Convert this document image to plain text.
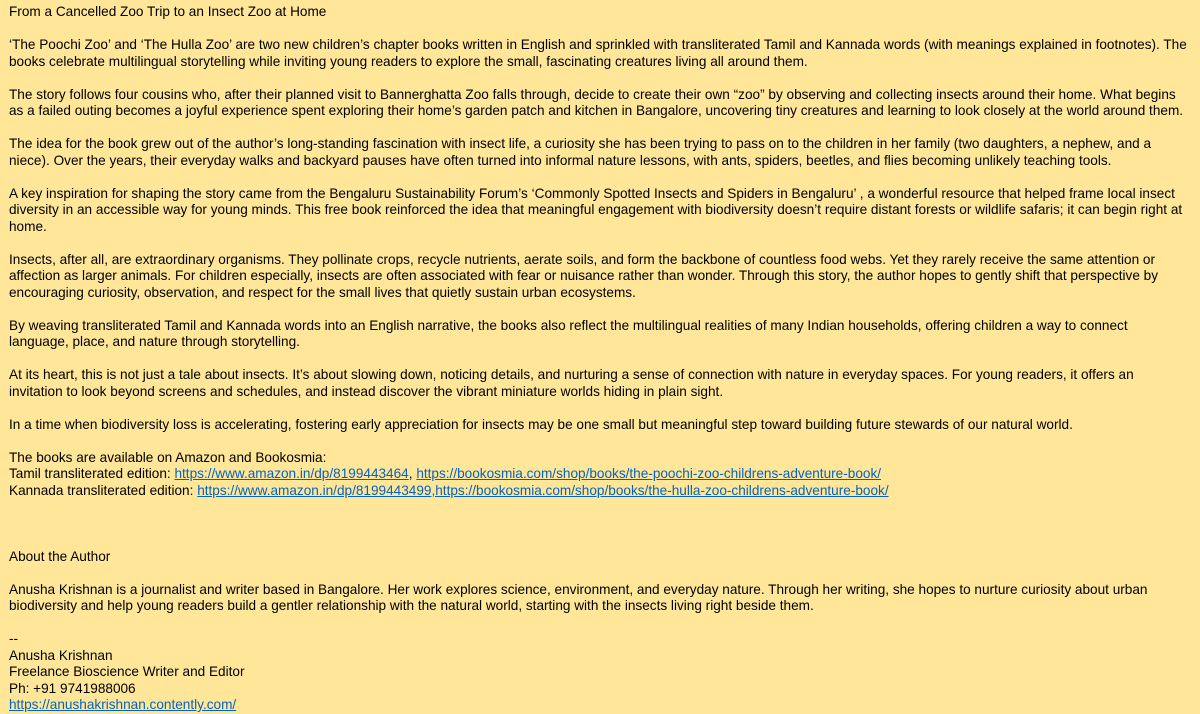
From a Cancelled Zoo Trip to an Insect Zoo at Home

‘The Poochi Zoo’ and ‘The Hulla Zoo’ are two new children’s chapter books written in English and sprinkled with transliterated Tamil and Kannada words (with meanings explained in footnotes). The books celebrate multilingual storytelling while inviting young readers to explore the small, fascinating creatures living all around them.

The story follows four cousins who, after their planned visit to Bannerghatta Zoo falls through, decide to create their own “zoo” by observing and collecting insects around their home. What begins as a failed outing becomes a joyful experience spent exploring their home’s garden patch and kitchen in Bangalore, uncovering tiny creatures and learning to look closely at the world around them.

The idea for the book grew out of the author’s long-standing fascination with insect life, a curiosity she has been trying to pass on to the children in her family (two daughters, a nephew, and a niece). Over the years, their everyday walks and backyard pauses have often turned into informal nature lessons, with ants, spiders, beetles, and flies becoming unlikely teaching tools.

A key inspiration for shaping the story came from the Bengaluru Sustainability Forum’s ‘Commonly Spotted Insects and Spiders in Bengaluru’ , a wonderful resource that helped frame local insect diversity in an accessible way for young minds. This free book reinforced the idea that meaningful engagement with biodiversity doesn’t require distant forests or wildlife safaris; it can begin right at home.

Insects, after all, are extraordinary organisms. They pollinate crops, recycle nutrients, aerate soils, and form the backbone of countless food webs. Yet they rarely receive the same attention or affection as larger animals. For children especially, insects are often associated with fear or nuisance rather than wonder. Through this story, the author hopes to gently shift that perspective by encouraging curiosity, observation, and respect for the small lives that quietly sustain urban ecosystems.

By weaving transliterated Tamil and Kannada words into an English narrative, the books also reflect the multilingual realities of many Indian households, offering children a way to connect language, place, and nature through storytelling.

At its heart, this is not just a tale about insects. It’s about slowing down, noticing details, and nurturing a sense of connection with nature in everyday spaces. For young readers, it offers an invitation to look beyond screens and schedules, and instead discover the vibrant miniature worlds hiding in plain sight.

In a time when biodiversity loss is accelerating, fostering early appreciation for insects may be one small but meaningful step toward building future stewards of our natural world.

The books are available on Amazon and Bookosmia:
Tamil transliterated edition: https://www.amazon.in/dp/8199443464, https://bookosmia.com/shop/books/the-poochi-zoo-childrens-adventure-book/
Kannada transliterated edition: https://www.amazon.in/dp/8199443499,https://bookosmia.com/shop/books/the-hulla-zoo-childrens-adventure-book/

About the Author

Anusha Krishnan is a journalist and writer based in Bangalore. Her work explores science, environment, and everyday nature. Through her writing, she hopes to nurture curiosity about urban biodiversity and help young readers build a gentler relationship with the natural world, starting with the insects living right beside them.

--
Anusha Krishnan
Freelance Bioscience Writer and Editor
Ph: +91 9741988006
https://anushakrishnan.contently.com/
